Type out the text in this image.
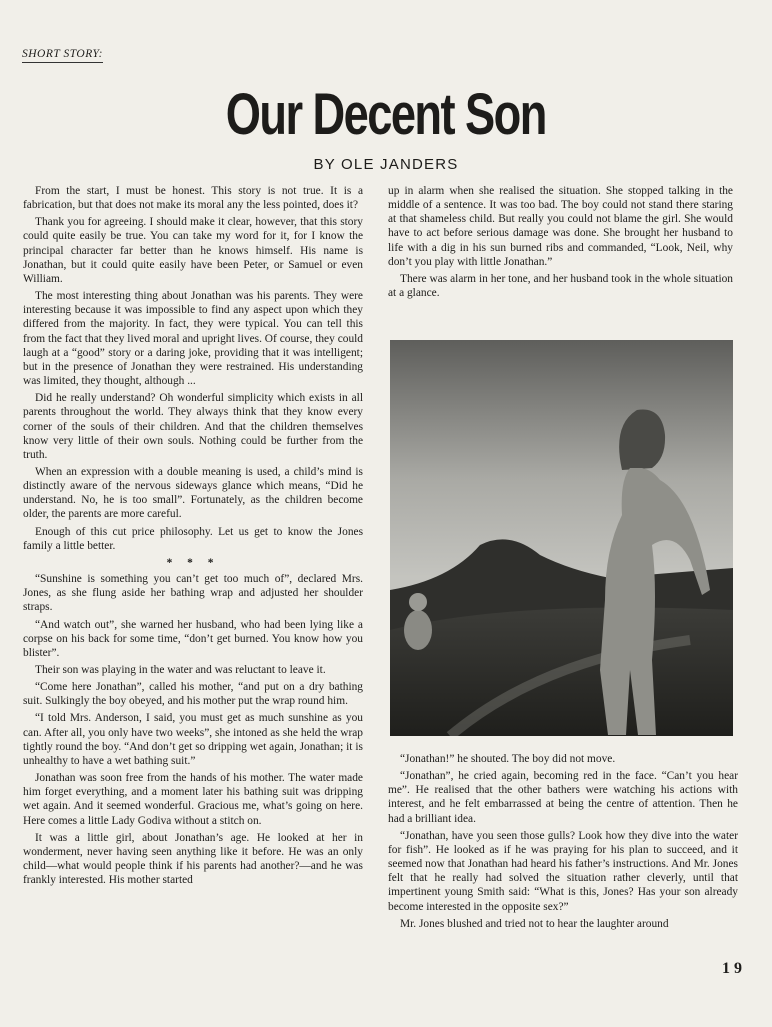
SHORT STORY:
Our Decent Son
BY OLE JANDERS

From the start, I must be honest. This story is not true. It is a fabrication, but that does not make its moral any the less pointed, does it?

Thank you for agreeing. I should make it clear, however, that this story could quite easily be true. You can take my word for it, for I know the principal character far better than he knows himself. His name is Jonathan, but it could quite easily have been Peter, or Samuel or even William.

The most interesting thing about Jonathan was his parents. They were interesting because it was impossible to find any aspect upon which they differed from the majority. In fact, they were typical. You can tell this from the fact that they lived moral and upright lives. Of course, they could laugh at a “good” story or a daring joke, providing that it was intelligent; but in the presence of Jonathan they were restrained. His understanding was limited, they thought, although ...

Did he really understand? Oh wonderful simplicity which exists in all parents throughout the world. They always think that they know every corner of the souls of their children. And that the children themselves know very little of their own souls. Nothing could be further from the truth.

When an expression with a double meaning is used, a child’s mind is distinctly aware of the nervous sideways glance which means, “Did he understand. No, he is too small”. Fortunately, as the children become older, the parents are more careful.

Enough of this cut price philosophy. Let us get to know the Jones family a little better.

* * *

“Sunshine is something you can’t get too much of”, declared Mrs. Jones, as she flung aside her bathing wrap and adjusted her shoulder straps.

“And watch out”, she warned her husband, who had been lying like a corpse on his back for some time, “don’t get burned. You know how you blister”.

Their son was playing in the water and was reluctant to leave it.

“Come here Jonathan”, called his mother, “and put on a dry bathing suit. Sulkingly the boy obeyed, and his mother put the wrap round him.

“I told Mrs. Anderson, I said, you must get as much sunshine as you can. After all, you only have two weeks”, she intoned as she held the wrap tightly round the boy. “And don’t get so dripping wet again, Jonathan; it is unhealthy to have a wet bathing suit.”

Jonathan was soon free from the hands of his mother. The water made him forget everything, and a moment later his bathing suit was dripping wet again. And it seemed wonderful. Gracious me, what’s going on here. Here comes a little Lady Godiva without a stitch on.

It was a little girl, about Jonathan’s age. He looked at her in wonderment, never having seen anything like it before. He was an only child—what would people think if his parents had another?—and he was frankly interested. His mother started

up in alarm when she realised the situation. She stopped talking in the middle of a sentence. It was too bad. The boy could not stand there staring at that shameless child. But really you could not blame the girl. She would have to act before serious damage was done. She brought her husband to life with a dig in his sun burned ribs and commanded, “Look, Neil, why don’t you play with little Jonathan.”

There was alarm in her tone, and her husband took in the whole situation at a glance.

“Jonathan!” he shouted. The boy did not move.

“Jonathan”, he cried again, becoming red in the face. “Can’t you hear me”. He realised that the other bathers were watching his actions with interest, and he felt embarrassed at being the centre of attention. Then he had a brilliant idea.

“Jonathan, have you seen those gulls? Look how they dive into the water for fish”. He looked as if he was praying for his plan to succeed, and it seemed now that Jonathan had heard his father’s instructions. And Mr. Jones felt that he really had solved the situation rather cleverly, until that impertinent young Smith said: “What is this, Jones? Has your son already become interested in the opposite sex?”

Mr. Jones blushed and tried not to hear the laughter around

1 9
